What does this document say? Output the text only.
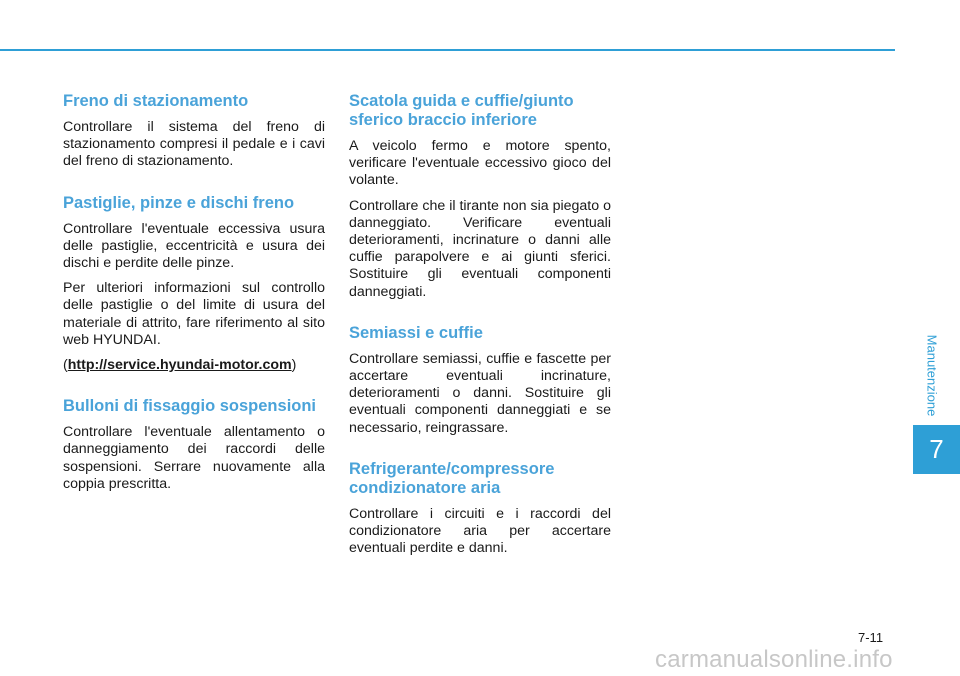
Freno di stazionamento

Controllare il sistema del freno di stazionamento compresi il pedale e i cavi del freno di stazionamento.

Pastiglie, pinze e dischi freno

Controllare l'eventuale eccessiva usura delle pastiglie, eccentricità e usura dei dischi e perdite delle pinze.

Per ulteriori informazioni sul controllo delle pastiglie o del limite di usura del materiale di attrito, fare riferimento al sito web HYUNDAI.

(http://service.hyundai-motor.com)

Bulloni di fissaggio sospensioni

Controllare l'eventuale allentamento o danneggiamento dei raccordi delle sospensioni. Serrare nuovamente alla coppia prescritta.

Scatola guida e cuffie/giunto sferico braccio inferiore

A veicolo fermo e motore spento, verificare l'eventuale eccessivo gioco del volante.

Controllare che il tirante non sia piegato o danneggiato. Verificare eventuali deterioramenti, incrinature o danni alle cuffie parapolvere e ai giunti sferici. Sostituire gli eventuali componenti danneggiati.

Semiassi e cuffie

Controllare semiassi, cuffie e fascette per accertare eventuali incrinature, deterioramenti o danni. Sostituire gli eventuali componenti danneggiati e se necessario, reingrassare.

Refrigerante/compressore condizionatore aria

Controllare i circuiti e i raccordi del condizionatore aria per accertare eventuali perdite e danni.

Manutenzione
7
7-11
carmanualsonline.info
